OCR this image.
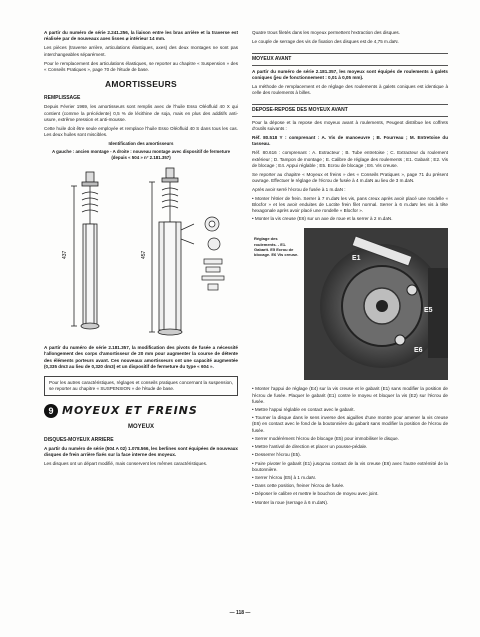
A partir du numéro de série 2.241.256, la liaison entre les bras arrière et la traverse est réalisée par de nouveaux axes lisses ⌀ intérieur 14 mm.

Les pièces (traverse arrière, articulations élastiques, axes) des deux montages ne sont pas interchangeables séparément.

Pour le remplacement des articulations élastiques, se reporter au chapitre « Suspension » des « Conseils Pratiques », page 70 de l'étude de base.

AMORTISSEURS
REMPLISSAGE

Depuis Février 1969, les amortisseurs sont remplis avec de l'huile Esso Oléofluid 40 X qui contient (comme la précédente) 0,5 % de lécithine de soja, mais en plus des additifs anti-usure, extrême pression et anti-mousse.

Cette huile doit être seule employée et remplace l'huile Esso Oléofluid 40 S dans tous les cas. Les deux huiles sont miscibles.

Identification des amortisseurs
A gauche : ancien montage - A droite : nouveau montage avec dispositif de fermeture (depuis « 504 » n° 2.181.357)
437	457

A partir du numéro de série 2.181.357, la modification des pivots de fusée a nécessité l'allongement des corps d'amortisseur de 20 mm pour augmenter la course de détente des éléments porteurs avant. Ces nouveaux amortisseurs ont une capacité augmentée (0,335 dm3 au lieu de 0,320 dm3) et un dispositif de fermeture du type « 604 ».

Pour les autres caractéristiques, réglages et conseils pratiques concernant la suspension, se reporter au chapitre « SUSPENSION » de l'étude de base.

9 MOYEUX ET FREINS
MOYEUX
DISQUES-MOYEUX ARRIERE

A partir du numéro de série (504 A 02) 1.078.566, les berlines sont équipées de nouveaux disques de frein arrière fixés sur la face interne des moyeux.

Les disques ont un départ modifié, mais conservent les mêmes caractéristiques.

Quatre trous filetés dans les moyeux permettent l'extraction des disques.

Le couple de serrage des vis de fixation des disques est de 4,75 m.daN.

MOYEUX AVANT

A partir du numéro de série 2.181.357, les moyeux sont équipés de roulements à galets coniques (jeu de fonctionnement : 0,01 à 0,05 mm).

La méthode de remplacement et de réglage des roulements à galets coniques est identique à celle des roulements à billes.

DEPOSE-REPOSE DES MOYEUX AVANT

Pour la dépose et la repose des moyeux avant à roulements, Peugeot distribue les coffrets d'outils suivants :

Réf. 80.518 Y : comprenant : A. Vis de manoeuvre ; B. Fourreau ; M. Entretoise du tasseau.

Réf. 80.616 : comprenant : A. Extracteur ; B. Tube entretoise ; C. Extracteur du roulement extérieur ; D. Tampon de montage ; E. Calibre de réglage des roulements ; E1. Gabarit ; E2. Vis de blocage ; E4. Appui réglable ; E5. Ecrou de blocage ; E6. Vis creuse.

Se reporter au chapitre « Moyeux et freins » des « Conseils Pratiques », page 71 du présent ouvrage. Effectuer le réglage de l'écrou de fusée à 4 m.daN au lieu de 3 m.daN.

Après avoir serré l'écrou de fusée à 1 m.daN :

• Monter l'étrier de frein. Serrer à 7 m.daN les vis, pans creux après avoir placé une rondelle « Blocfor » et les avoir enduites de Loctite frein filet normal. Serrer à 6 m.daN les vis à tête hexagonale après avoir placé une rondelle « Blocfor ».

• Monter la vis creuse (E6) sur un axe de roue et la serrer à 2 m.daN.

E1
E5
E6
Réglage des roulements. - E1. Gabarit. E5 Ecrou de blocage. E6 Vis creuse.

• Monter l'appui de réglage (E4) sur la vis creuse et le gabarit (E1) sans modifier la position de l'écrou de fusée. Plaquer le gabarit (E1) contre le moyeu et bloquer la vis (E2) sur l'écrou de fusée.

• Mettre l'appui réglable en contact avec le gabarit.

• Tourner la disque dans le sens inverse des aiguilles d'une montre pour amener la vis creuse (E6) en contact avec le fond de la boutonnière du gabarit sans modifier la position de l'écrou de fusée.

• Serrer modérément l'écrou de blocage (E5) pour immobiliser le disque.

• Mettre l'antivol de direction et placer un pousse-pédale.

• Desserrer l'écrou (E5).

• Faire pivoter le gabarit (E1) jusqu'au contact de la vis creuse (E6) avec l'autre extrémité de la boutonnière.

• Serrer l'écrou (E5) à 1 m.daN.

• Dans cette position, freiner l'écrou de fusée.

• Déposer le calibre et mettre le bouchon de moyeu avec joint.

• Monter la roue (serrage à 6 m.daN).

— 118 —
